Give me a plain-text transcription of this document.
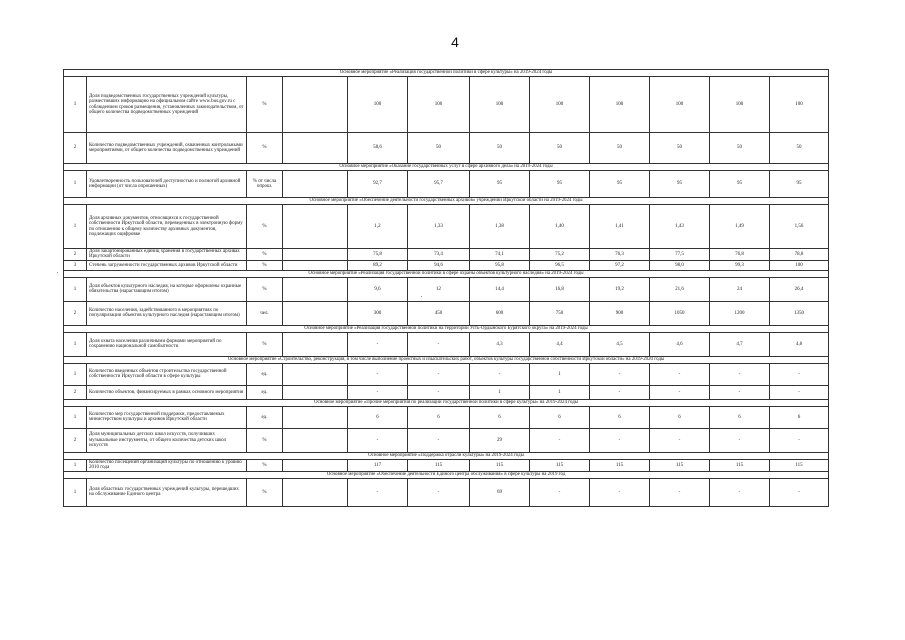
4
Основное мероприятие «Реализация государственной политики в сфере культуры» на 2019-2024 годы											
1	Доля подведомственных государственных учреждений культуры, разместивших информацию на официальном сайте www.bus.gov.ru с соблюдением сроков размещения, установленных законодательством, от общего количества подведомственных учреждений	%		100	100	100	100	100	100	100	100
2	Количество подведомственных учреждений, охваченных контрольными мероприятиями, от общего количества подведомственных учреждений	%		58,6	50	50	50	50	50	50	50
Основное мероприятие «Оказание государственных услуг в сфере архивного дела» на 2019-2024 годы											
1	Удовлетворенность пользователей доступностью и полнотой архивной информации (от числа опрошенных)	% от числа опрош.		92,7	95,7	95	95	95	95	95	95
Основное мероприятие «Обеспечение деятельности государственных архивов» учреждений Иркутской области на 2019-2024 годы											
1	Доля архивных документов, относящихся к государственной собственности Иркутской области, переведенных в электронную форму по отношению к общему количеству архивных документов, подлежащих оцифровке	%		1,2	1,33	1,38	1,40	1,41	1,43	1,49	1,56
2	Доля закартонированных единиц хранения в государственных архивах Иркутской области	%		75,8	73,4	74,1	75,2	76,3	77,5	76,8	78,8
3	Степень загруженности государственных архивов Иркутской области	%		89,2	94,6	95,8	96,5	97,2	98,0	99,3	100
Основное мероприятие «Реализация государственной политики в сфере охраны объектов культурного наследия» на 2019-2024 годы											
1	Доля объектов культурного наследия, на которые оформлены охранные обязательства (нарастающим итогом)	%		9,6	12	14,4	16,8	19,2	21,6	24	26,4
2	Количество населения, задействованного в мероприятиях по популяризации объектов культурного наследия (нарастающим итогом)	чел.		300	450	600	750	900	1050	1200	1350
Основное мероприятие «Реализация государственной политики на территории Усть-Ордынского Бурятского округа» на 2019-2024 годы											
1	Доля охвата населения различными формами мероприятий по сохранению национальной самобытности	%		-	-	4,3	4,4	4,5	4,6	4,7	4,8
Основное мероприятие «Строительство, реконструкция, в том числе выполнение проектных и изыскательских работ, объектов культуры государственной собственности Иркутской области» на 2019-2020 годы											
1	Количество введенных объектов строительства государственной собственности Иркутской области в сфере культуры	ед.		-	-	-	1	-	-	-	-
2	Количество объектов, финансируемых в рамках основного мероприятия	ед.		-	-	1	1	-	-	-	-
Основное мероприятие «Прочие мероприятия по реализации государственной политики в сфере культуры» на 2019-2024 годы											
1	Количество мер государственной поддержки, предоставляемых министерством культуры и архивов Иркутской области	ед.		6	6	6	6	6	6	6	6
2	Доля муниципальных детских школ искусств, получивших музыкальные инструменты, от общего количества детских школ искусств	%		-	-	29	-	-	-	-	-
Основное мероприятие «Поддержка отрасли культуры» на 2019-2024 годы											
1	Количество посещений организаций культуры по отношению к уровню 2010 года	%		117	115	115	115	115	115	115	115
Основное мероприятие «Обеспечение деятельности Единого центра обслуживания» в сфере культуры на 2019 год											
1	Доля областных государственных учреждений культуры, перешедших на обслуживание Единого центра	%		-	-	69	-	-	-	-	-
·
·
